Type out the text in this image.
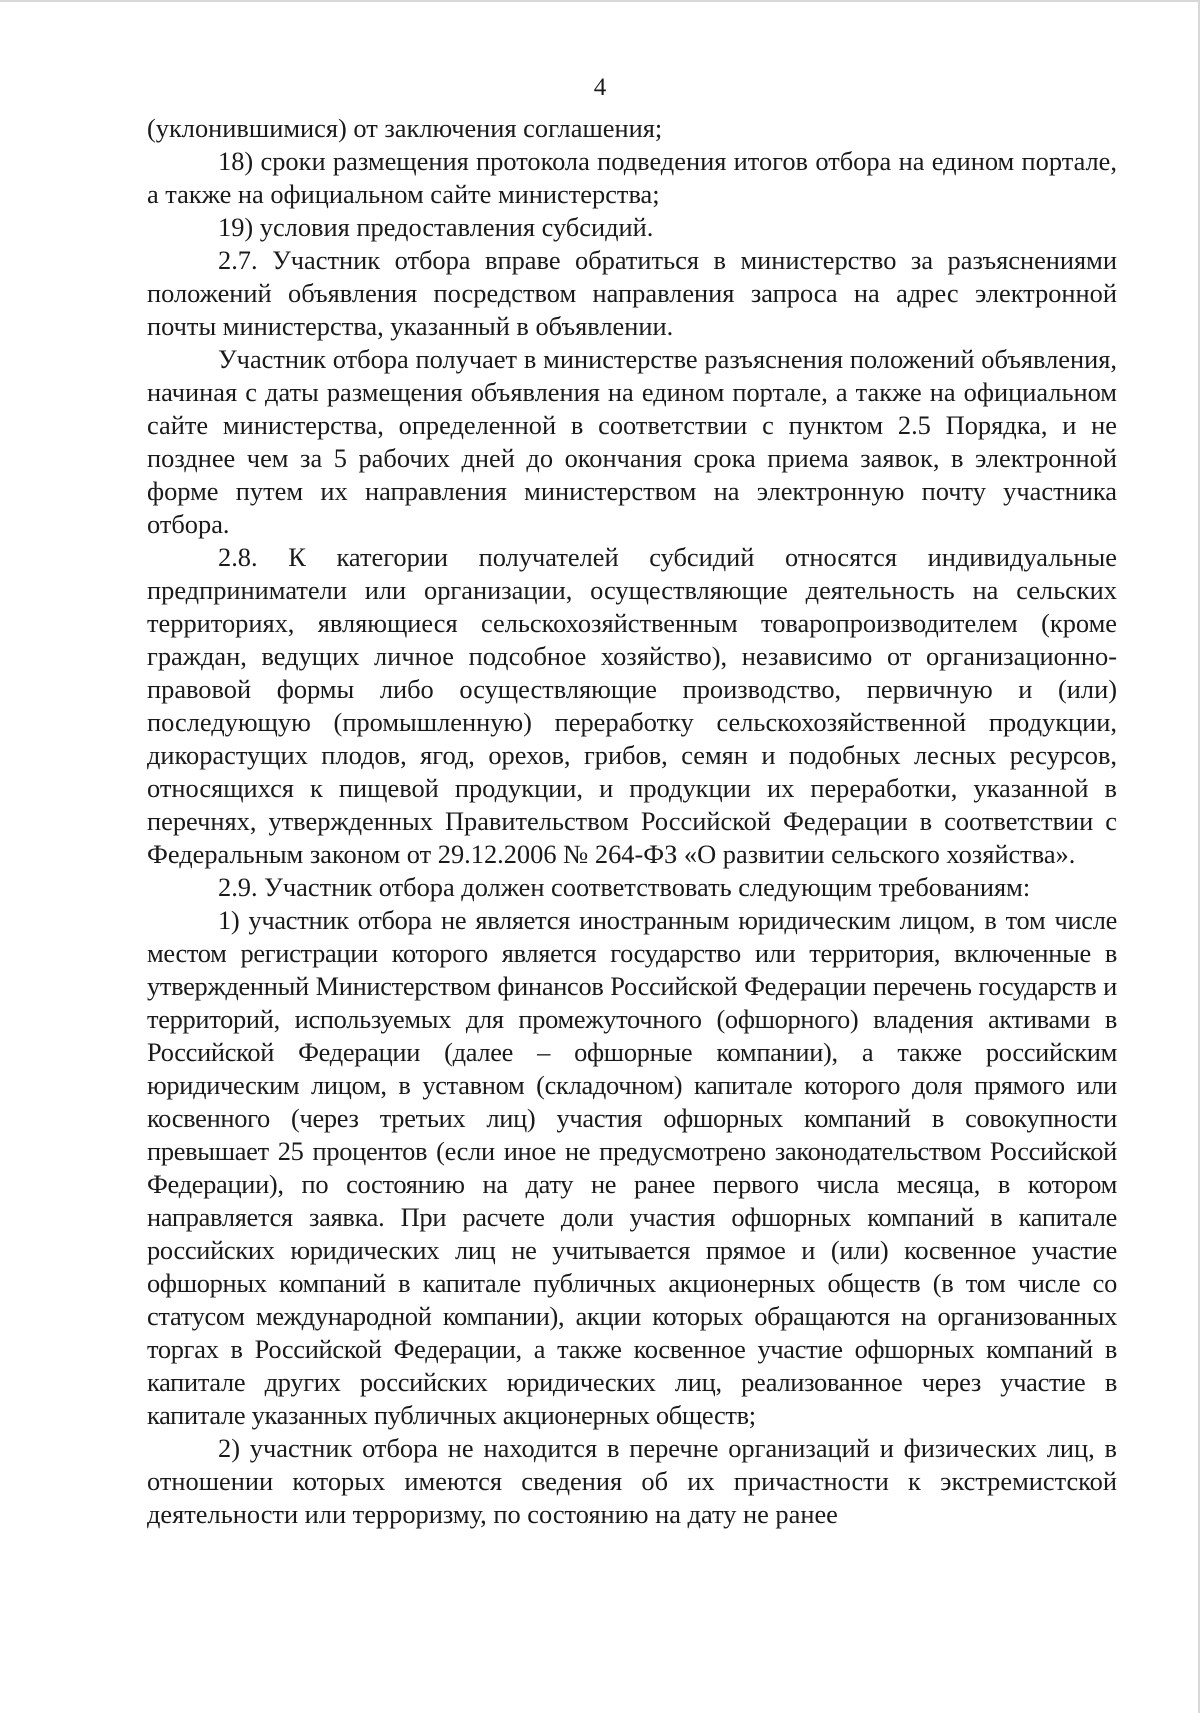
4

(уклонившимися) от заключения соглашения;

18) сроки размещения протокола подведения итогов отбора на едином портале, а также на официальном сайте министерства;

19) условия предоставления субсидий.

2.7. Участник отбора вправе обратиться в министерство за разъяснениями положений объявления посредством направления запроса на адрес электронной почты министерства, указанный в объявлении.

Участник отбора получает в министерстве разъяснения положений объявления, начиная с даты размещения объявления на едином портале, а также на официальном сайте министерства, определенной в соответствии с пунктом 2.5 Порядка, и не позднее чем за 5 рабочих дней до окончания срока приема заявок, в электронной форме путем их направления министерством на электронную почту участника отбора.

2.8. К категории получателей субсидий относятся индивидуальные предприниматели или организации, осуществляющие деятельность на сельских территориях, являющиеся сельскохозяйственным товаропроизводителем (кроме граждан, ведущих личное подсобное хозяйство), независимо от организационно-правовой формы либо осуществляющие производство, первичную и (или) последующую (промышленную) переработку сельскохозяйственной продукции, дикорастущих плодов, ягод, орехов, грибов, семян и подобных лесных ресурсов, относящихся к пищевой продукции, и продукции их переработки, указанной в перечнях, утвержденных Правительством Российской Федерации в соответствии с Федеральным законом от 29.12.2006 № 264-ФЗ «О развитии сельского хозяйства».

2.9. Участник отбора должен соответствовать следующим требованиям:

1) участник отбора не является иностранным юридическим лицом, в том числе местом регистрации которого является государство или территория, включенные в утвержденный Министерством финансов Российской Федерации перечень государств и территорий, используемых для промежуточного (офшорного) владения активами в Российской Федерации (далее – офшорные компании), а также российским юридическим лицом, в уставном (складочном) капитале которого доля прямого или косвенного (через третьих лиц) участия офшорных компаний в совокупности превышает 25 процентов (если иное не предусмотрено законодательством Российской Федерации), по состоянию на дату не ранее первого числа месяца, в котором направляется заявка. При расчете доли участия офшорных компаний в капитале российских юридических лиц не учитывается прямое и (или) косвенное участие офшорных компаний в капитале публичных акционерных обществ (в том числе со статусом международной компании), акции которых обращаются на организованных торгах в Российской Федерации, а также косвенное участие офшорных компаний в капитале других российских юридических лиц, реализованное через участие в капитале указанных публичных акционерных обществ;

2) участник отбора не находится в перечне организаций и физических лиц, в отношении которых имеются сведения об их причастности к экстремистской деятельности или терроризму, по состоянию на дату не ранее
